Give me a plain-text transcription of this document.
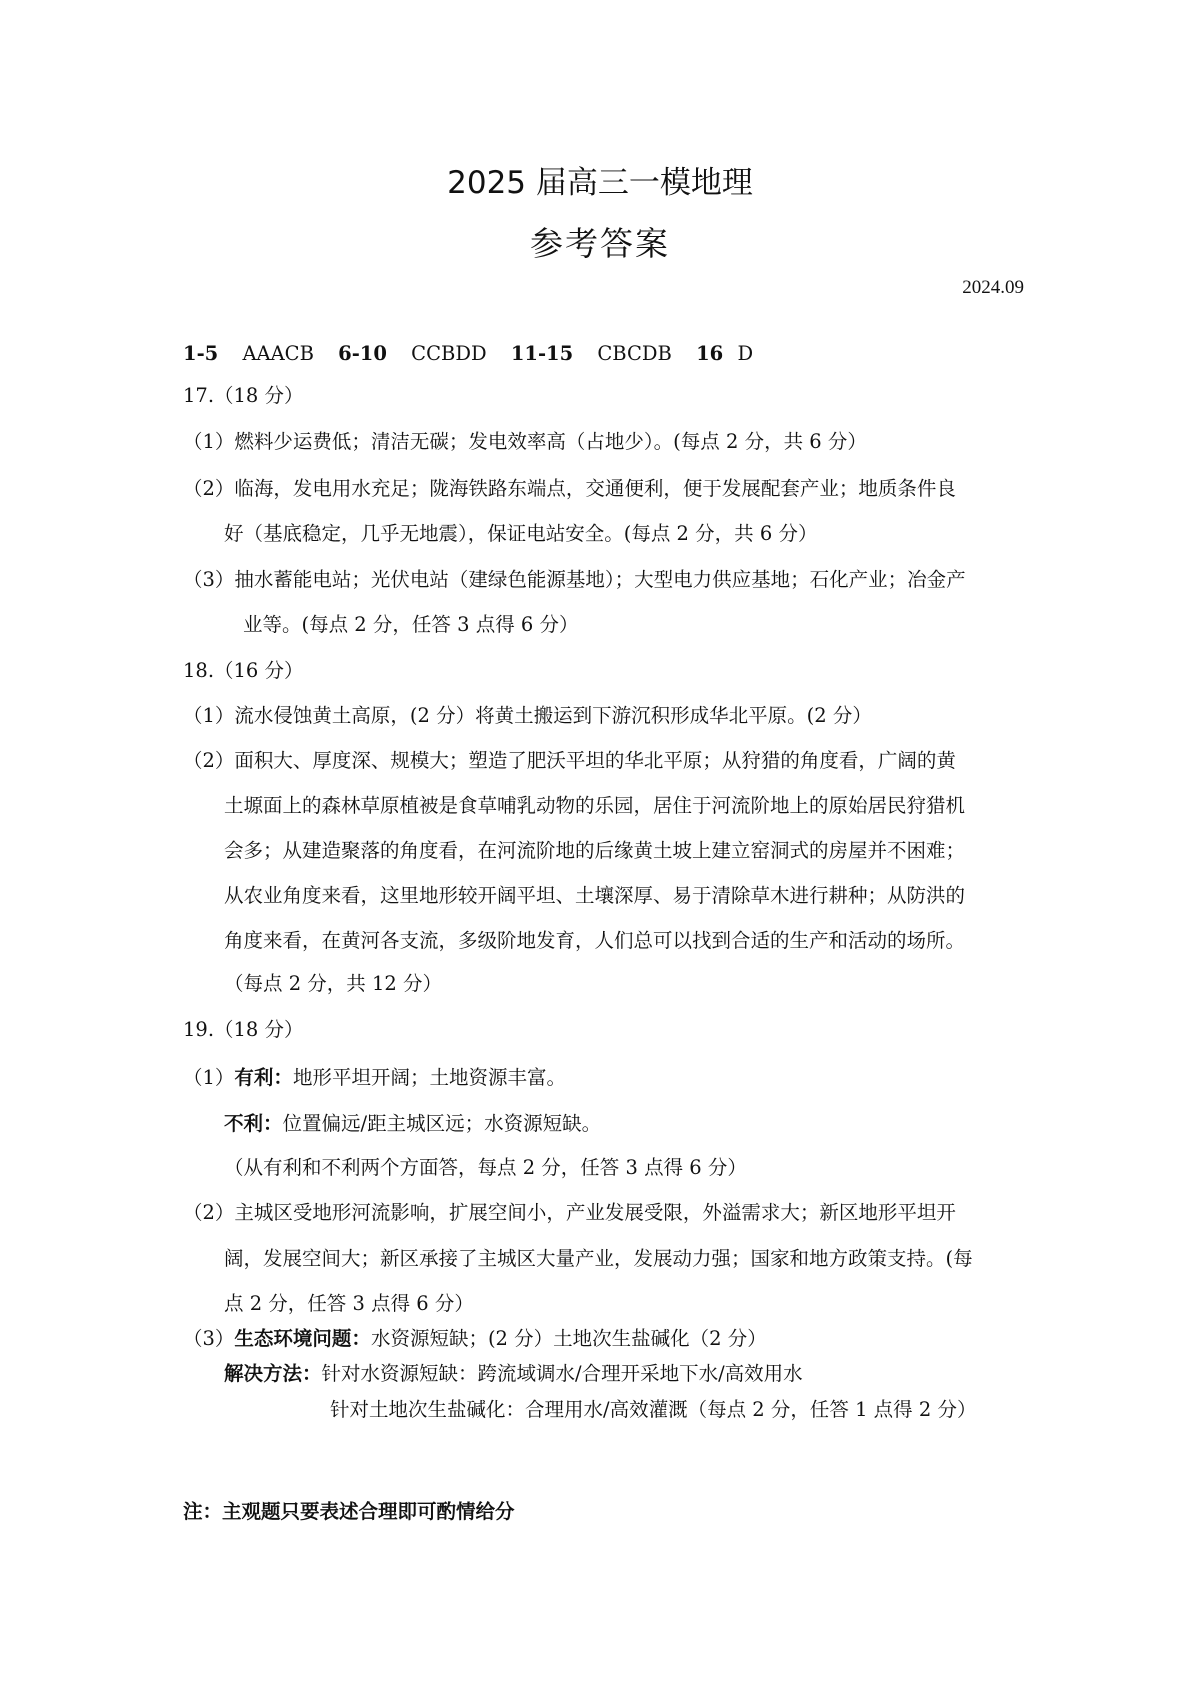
2025 届高三一模地理
参考答案
2024.09
1-5 AAACB 6-10 CCBDD 11-15 CBCDB 16 D
17.（18 分）
（1）燃料少运费低；清洁无碳；发电效率高（占地少）。(每点 2 分，共 6 分）
（2）临海，发电用水充足；陇海铁路东端点，交通便利，便于发展配套产业；地质条件良
好（基底稳定，几乎无地震），保证电站安全。(每点 2 分，共 6 分）
（3）抽水蓄能电站；光伏电站（建绿色能源基地）；大型电力供应基地；石化产业；冶金产
业等。(每点 2 分，任答 3 点得 6 分）
18.（16 分）
（1）流水侵蚀黄土高原，(2 分）将黄土搬运到下游沉积形成华北平原。(2 分）
（2）面积大、厚度深、规模大；塑造了肥沃平坦的华北平原；从狩猎的角度看，广阔的黄
土塬面上的森林草原植被是食草哺乳动物的乐园，居住于河流阶地上的原始居民狩猎机
会多；从建造聚落的角度看，在河流阶地的后缘黄土坡上建立窑洞式的房屋并不困难；
从农业角度来看，这里地形较开阔平坦、土壤深厚、易于清除草木进行耕种；从防洪的
角度来看，在黄河各支流，多级阶地发育，人们总可以找到合适的生产和活动的场所。
（每点 2 分，共 12 分）
19.（18 分）
（1）有利：地形平坦开阔；土地资源丰富。
不利：位置偏远/距主城区远；水资源短缺。
（从有利和不利两个方面答，每点 2 分，任答 3 点得 6 分）
（2）主城区受地形河流影响，扩展空间小，产业发展受限，外溢需求大；新区地形平坦开
阔，发展空间大；新区承接了主城区大量产业，发展动力强；国家和地方政策支持。(每
点 2 分，任答 3 点得 6 分）
（3）生态环境问题：水资源短缺；(2 分）土地次生盐碱化（2 分）
解决方法：针对水资源短缺：跨流域调水/合理开采地下水/高效用水
针对土地次生盐碱化：合理用水/高效灌溉（每点 2 分，任答 1 点得 2 分）
注：主观题只要表述合理即可酌情给分
